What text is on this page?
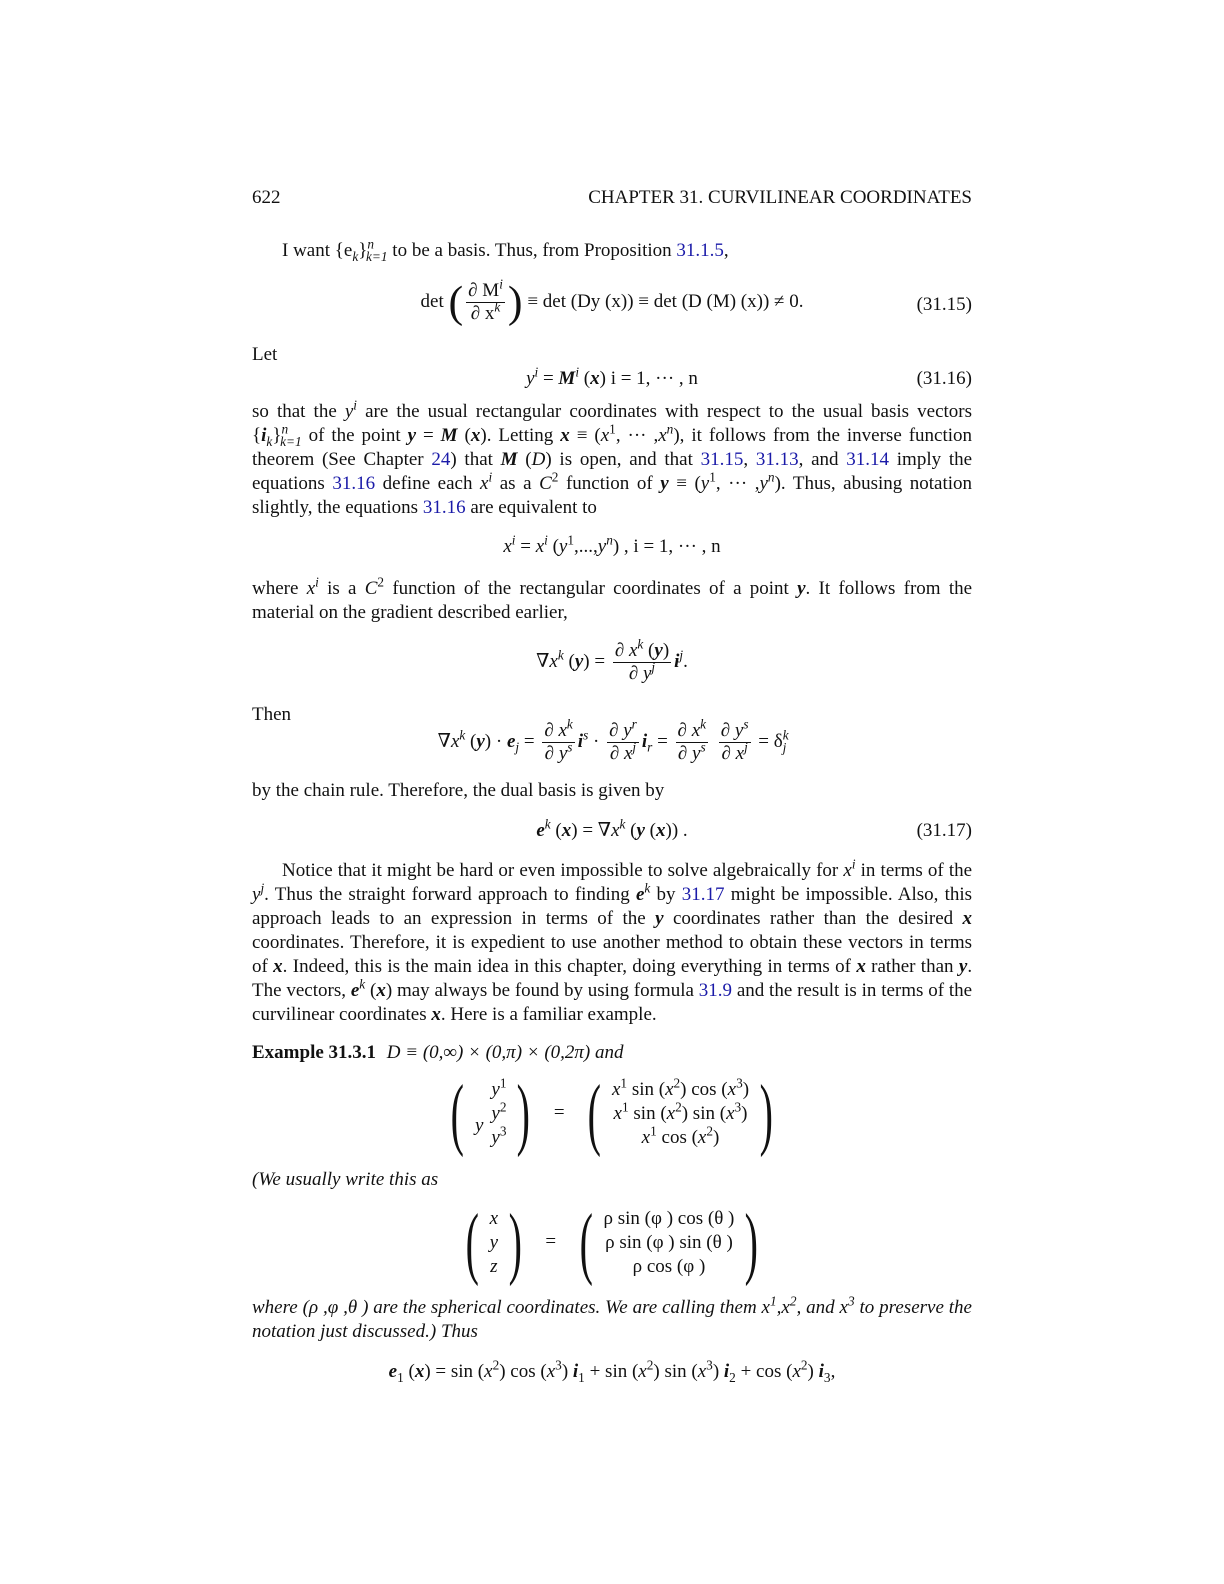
622	CHAPTER 31. CURVILINEAR COORDINATES
I want $\{e_k\}^n_{k=1}$ to be a basis. Thus, from Proposition 31.1.5,
det ( $\frac{\partial M^i}{\partial x^k}$ ) ≡ det (Dy (x)) ≡ det (D (M) (x)) ≠ 0.	(31.15)
Let
$y^i = M^i$ (x) i = 1, ··· , n	(31.16)
so that the $y^i$ are the usual rectangular coordinates with respect to the usual basis vectors $\{i_k\}^n_{k=1}$ of the point y = M (x). Letting $x \equiv (x^1$, ··· $,x^n$), it follows from the inverse function theorem (See Chapter 24) that M (D) is open, and that 31.15, 31.13, and 31.14 imply the equations 31.16 define each $x^i$ as a $C^2$ function of $y \equiv (y^1$, ··· $,y^n$). Thus, abusing notation slightly, the equations 31.16 are equivalent to
$x^i = x^i$ $(y^1,...,y^n)$ , i = 1, ··· , n
where $x^i$ is a $C^2$ function of the rectangular coordinates of a point y. It follows from the material on the gradient described earlier,
$\nabla x^k$ $(y) = \frac{\partial x^k (y)}{\partial y^j} i^j$.
Then
$\nabla x^k$ $(y) \cdot e_j = \frac{\partial x^k}{\partial y^s} i^s \cdot \frac{\partial y^r}{\partial x^j} i_r = \frac{\partial x^k}{\partial y^s}$
$\frac{\partial y^s}{\partial x^j} = \delta^k_j$
by the chain rule. Therefore, the dual basis is given by
$e^k$ $(x) = \nabla x^k$ (y (x)) .	(31.17)
Notice that it might be hard or even impossible to solve algebraically for $x^i$ in terms of the $y^j$. Thus the straight forward approach to finding $e^k$ by 31.17 might be impossible. Also, this approach leads to an expression in terms of the y coordinates rather than the desired x coordinates. Therefore, it is expedient to use another method to obtain these vectors in terms of x. Indeed, this is the main idea in this chapter, doing everything in terms of x rather than y. The vectors, $e^k$ (x) may always be found by using formula 31.9 and the result is in terms of the curvilinear coordinates x. Here is a familiar example.
Example 31.3.1 D ≡ (0,∞) × (0,π) × (0,2π) and
( y
$y^1$
$y^2$
$y^3$ ) = ( $x^1$ $\sin (x^2)$ $\cos (x^3)$
$x^1$ $\sin (x^2)$ $\sin (x^3)$
$x^1$ $\cos (x^2)$ )
(We usually write this as
( x
y
z ) = ( ρ sin (φ ) cos (θ )
ρ sin (φ ) sin (θ )
ρ cos (φ ) )
where (ρ ,φ ,θ ) are the spherical coordinates. We are calling them $x^1,x^2$, and $x^3$ to preserve the notation just discussed.) Thus
$e_1$ $(x) = \sin (x^2)$ $\cos (x^3) i_1 + \sin (x^2)$ $\sin (x^3) i_2 + \cos (x^2)$ $i_3$,
